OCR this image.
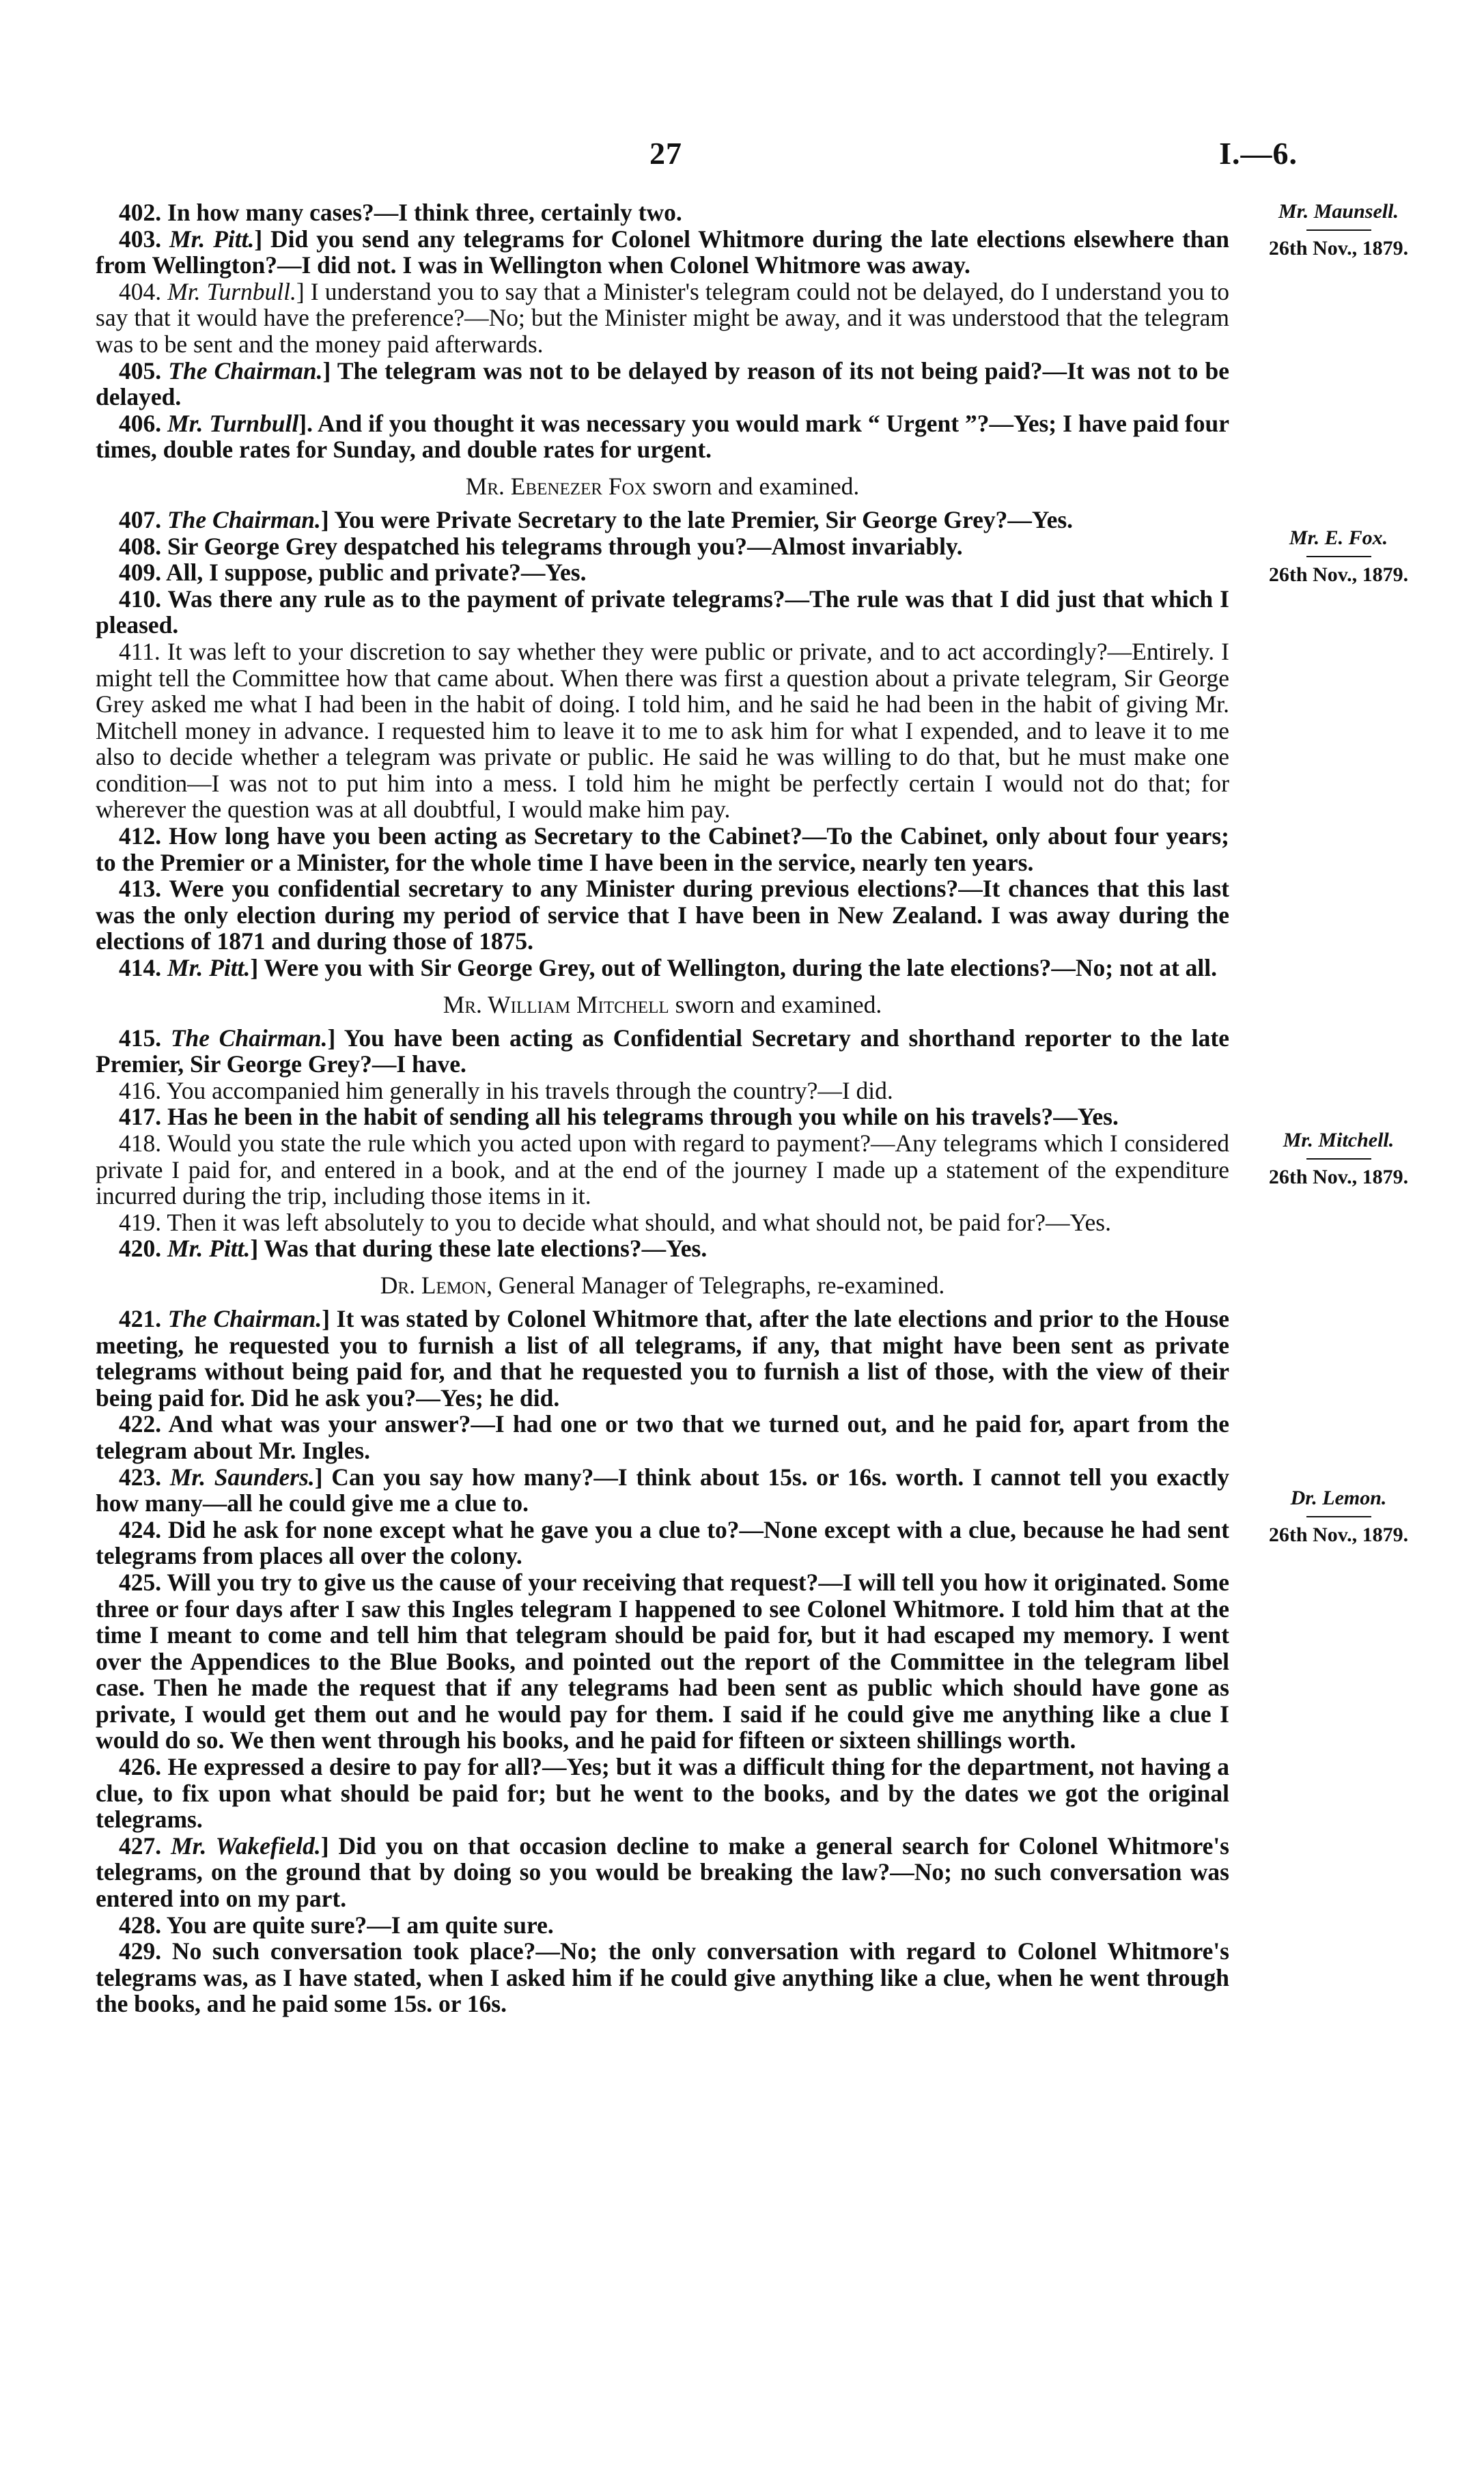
27	I.—6.
Mr. Maunsell.
26th Nov., 1879.
Mr. E. Fox.
26th Nov., 1879.
Mr. Mitchell.
26th Nov., 1879.
Dr. Lemon.
26th Nov., 1879.

402. In how many cases?—I think three, certainly two.

403. Mr. Pitt.] Did you send any telegrams for Colonel Whitmore during the late elections elsewhere than from Wellington?—I did not. I was in Wellington when Colonel Whitmore was away.

404. Mr. Turnbull.] I understand you to say that a Minister's telegram could not be delayed, do I understand you to say that it would have the preference?—No; but the Minister might be away, and it was understood that the telegram was to be sent and the money paid afterwards.

405. The Chairman.] The telegram was not to be delayed by reason of its not being paid?—It was not to be delayed.

406. Mr. Turnbull]. And if you thought it was necessary you would mark “ Urgent ”?—Yes; I have paid four times, double rates for Sunday, and double rates for urgent.

Mr. Ebenezer Fox sworn and examined.

407. The Chairman.] You were Private Secretary to the late Premier, Sir George Grey?—Yes.

408. Sir George Grey despatched his telegrams through you?—Almost invariably.

409. All, I suppose, public and private?—Yes.

410. Was there any rule as to the payment of private telegrams?—The rule was that I did just that which I pleased.

411. It was left to your discretion to say whether they were public or private, and to act accordingly?—Entirely. I might tell the Committee how that came about. When there was first a question about a private telegram, Sir George Grey asked me what I had been in the habit of doing. I told him, and he said he had been in the habit of giving Mr. Mitchell money in advance. I requested him to leave it to me to ask him for what I expended, and to leave it to me also to decide whether a telegram was private or public. He said he was willing to do that, but he must make one condition—I was not to put him into a mess. I told him he might be perfectly certain I would not do that; for wherever the question was at all doubtful, I would make him pay.

412. How long have you been acting as Secretary to the Cabinet?—To the Cabinet, only about four years; to the Premier or a Minister, for the whole time I have been in the service, nearly ten years.

413. Were you confidential secretary to any Minister during previous elections?—It chances that this last was the only election during my period of service that I have been in New Zealand. I was away during the elections of 1871 and during those of 1875.

414. Mr. Pitt.] Were you with Sir George Grey, out of Wellington, during the late elections?—No; not at all.

Mr. William Mitchell sworn and examined.

415. The Chairman.] You have been acting as Confidential Secretary and shorthand reporter to the late Premier, Sir George Grey?—I have.

416. You accompanied him generally in his travels through the country?—I did.

417. Has he been in the habit of sending all his telegrams through you while on his travels?—Yes.

418. Would you state the rule which you acted upon with regard to payment?—Any telegrams which I considered private I paid for, and entered in a book, and at the end of the journey I made up a statement of the expenditure incurred during the trip, including those items in it.

419. Then it was left absolutely to you to decide what should, and what should not, be paid for?—Yes.

420. Mr. Pitt.] Was that during these late elections?—Yes.

Dr. Lemon, General Manager of Telegraphs, re-examined.

421. The Chairman.] It was stated by Colonel Whitmore that, after the late elections and prior to the House meeting, he requested you to furnish a list of all telegrams, if any, that might have been sent as private telegrams without being paid for, and that he requested you to furnish a list of those, with the view of their being paid for. Did he ask you?—Yes; he did.

422. And what was your answer?—I had one or two that we turned out, and he paid for, apart from the telegram about Mr. Ingles.

423. Mr. Saunders.] Can you say how many?—I think about 15s. or 16s. worth. I cannot tell you exactly how many—all he could give me a clue to.

424. Did he ask for none except what he gave you a clue to?—None except with a clue, because he had sent telegrams from places all over the colony.

425. Will you try to give us the cause of your receiving that request?—I will tell you how it originated. Some three or four days after I saw this Ingles telegram I happened to see Colonel Whitmore. I told him that at the time I meant to come and tell him that telegram should be paid for, but it had escaped my memory. I went over the Appendices to the Blue Books, and pointed out the report of the Committee in the telegram libel case. Then he made the request that if any telegrams had been sent as public which should have gone as private, I would get them out and he would pay for them. I said if he could give me anything like a clue I would do so. We then went through his books, and he paid for fifteen or sixteen shillings worth.

426. He expressed a desire to pay for all?—Yes; but it was a difficult thing for the department, not having a clue, to fix upon what should be paid for; but he went to the books, and by the dates we got the original telegrams.

427. Mr. Wakefield.] Did you on that occasion decline to make a general search for Colonel Whitmore's telegrams, on the ground that by doing so you would be breaking the law?—No; no such conversation was entered into on my part.

428. You are quite sure?—I am quite sure.

429. No such conversation took place?—No; the only conversation with regard to Colonel Whitmore's telegrams was, as I have stated, when I asked him if he could give anything like a clue, when he went through the books, and he paid some 15s. or 16s.
